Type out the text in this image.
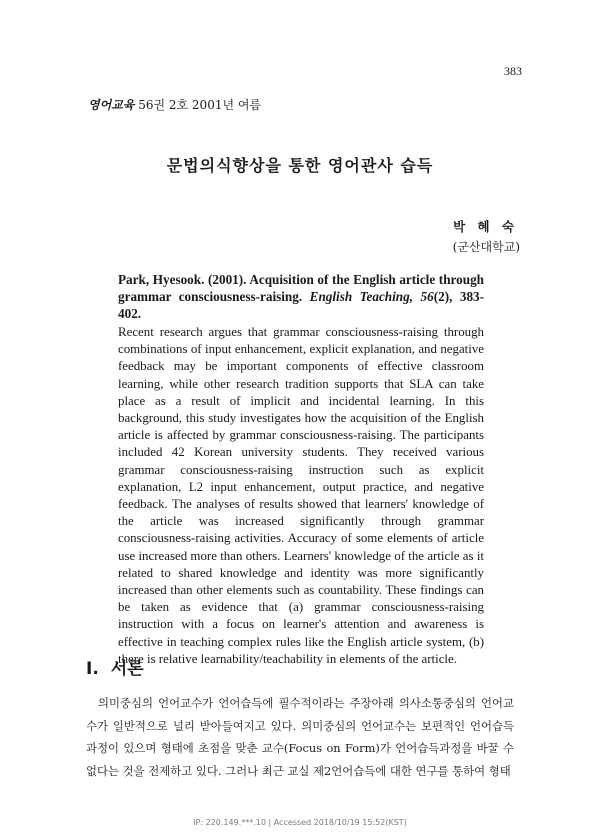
383
영어교육 56권 2호 2001년 여름
문법의식향상을 통한 영어관사 습득
박 혜 숙
(군산대학교)
Park, Hyesook. (2001). Acquisition of the English article through grammar consciousness-raising. English Teaching, 56(2), 383-402.
Recent research argues that grammar consciousness-raising through combinations of input enhancement, explicit explanation, and negative feedback may be important components of effective classroom learning, while other research tradition supports that SLA can take place as a result of implicit and incidental learning. In this background, this study investigates how the acquisition of the English article is affected by grammar consciousness-raising. The participants included 42 Korean university students. They received various grammar consciousness-raising instruction such as explicit explanation, L2 input enhancement, output practice, and negative feedback. The analyses of results showed that learners' knowledge of the article was increased significantly through grammar consciousness-raising activities. Accuracy of some elements of article use increased more than others. Learners' knowledge of the article as it related to shared knowledge and identity was more significantly increased than other elements such as countability. These findings can be taken as evidence that (a) grammar consciousness-raising instruction with a focus on learner's attention and awareness is effective in teaching complex rules like the English article system, (b) there is relative learnability/teachability in elements of the article.
I. 서론
의미중심의 언어교수가 언어습득에 필수적이라는 주장아래 의사소통중심의 언어교수가 일반적으로 널리 받아들여지고 있다. 의미중심의 언어교수는 보편적인 언어습득과정이 있으며 형태에 초점을 맞춘 교수(Focus on Form)가 언어습득과정을 바꿀 수 없다는 것을 전제하고 있다. 그러나 최근 교실 제2언어습득에 대한 연구를 통하여 형태
IP: 220.149.***.10 | Accessed 2018/10/19 15:52(KST)
